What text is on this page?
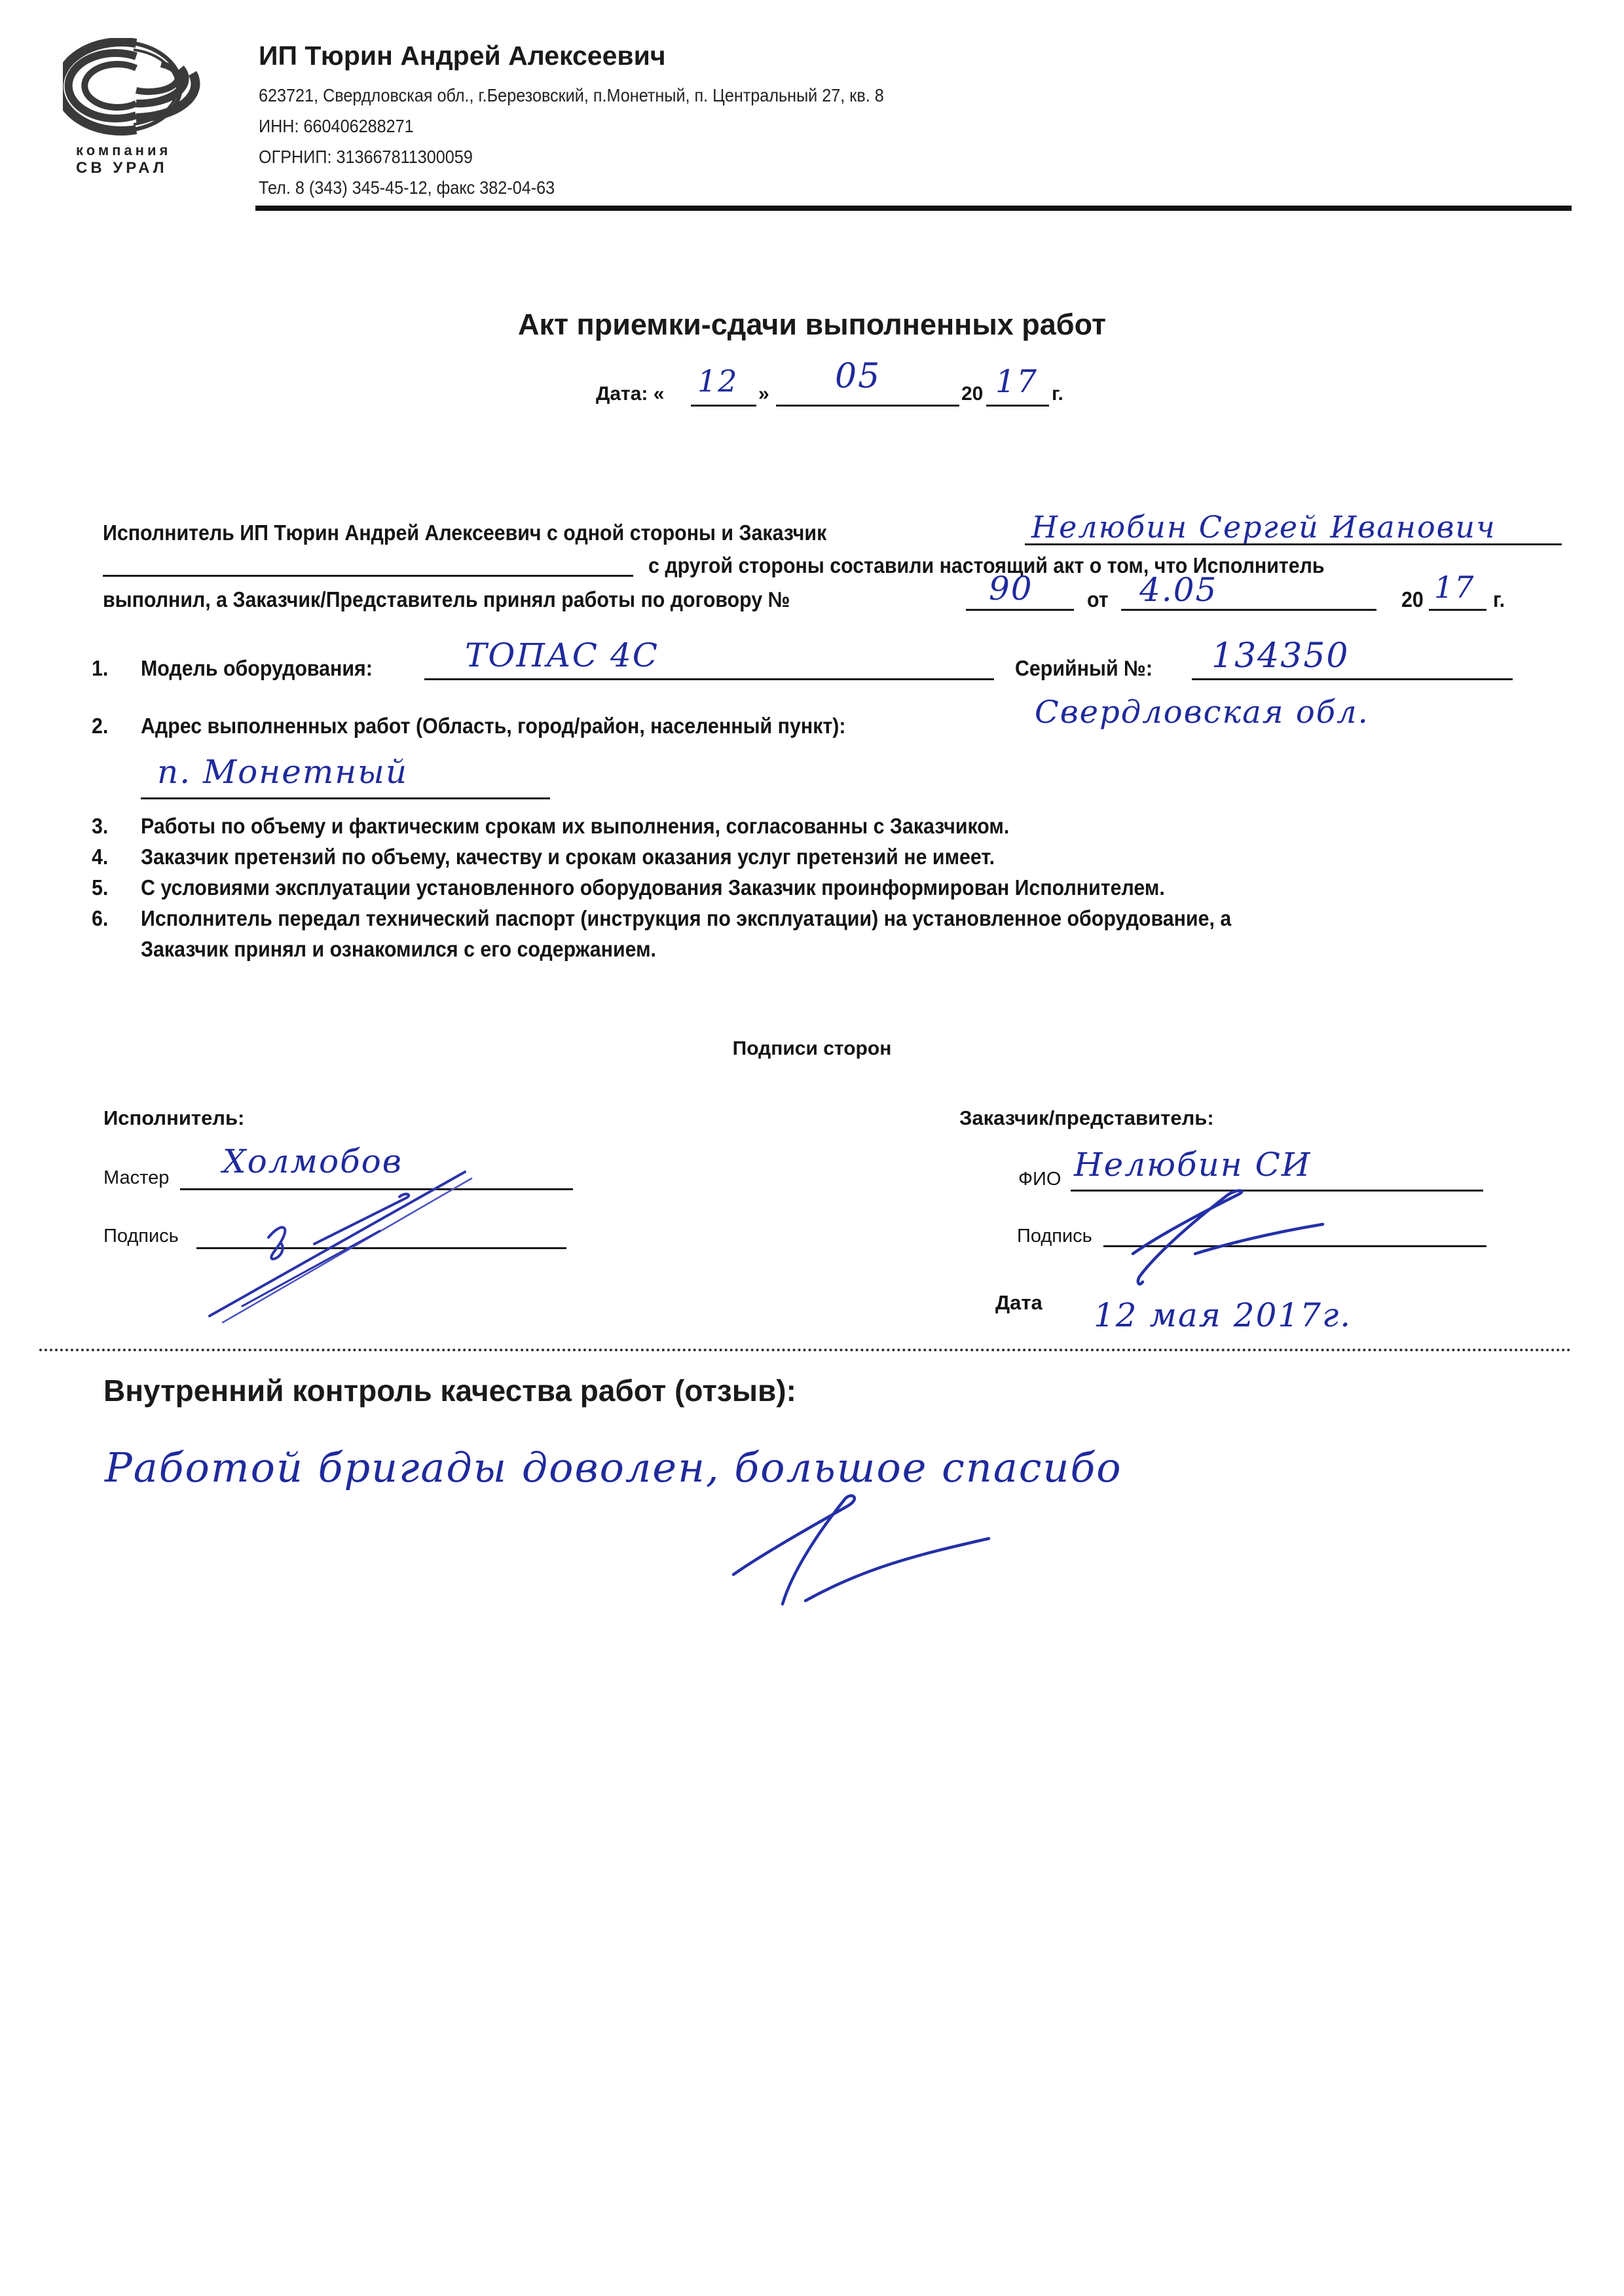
компания
СВ УРАЛ
ИП Тюрин Андрей Алексеевич
623721, Свердловская обл., г.Березовский, п.Монетный, п. Центральный 27, кв. 8
ИНН: 660406288271
ОГРНИП: 313667811300059
Тел. 8 (343) 345-45-12, факс 382-04-63
Акт приемки-сдачи выполненных работ
Дата: « 12 » 05	20 17 г.
Исполнитель ИП Тюрин Андрей Алексеевич с одной стороны и Заказчик	Нелюбин Сергей Иванович
с другой стороны составили настоящий акт о том, что Исполнитель
выполнил, а Заказчик/Представитель принял работы по договору №	90 от 4.05	20 17 г.
1. Модель оборудования:	ТОПАС 4С	Серийный №: 134350
2. Адрес выполненных работ (Область, город/район, населенный пункт):	Свердловская обл.
п. Монетный
3. Работы по объему и фактическим срокам их выполнения, согласованны с Заказчиком.
4. Заказчик претензий по объему, качеству и срокам оказания услуг претензий не имеет.
5. С условиями эксплуатации установленного оборудования Заказчик проинформирован Исполнителем.
6. Исполнитель передал технический паспорт (инструкция по эксплуатации) на установленное оборудование, а
Заказчик принял и ознакомился с его содержанием.
Подписи сторон
Исполнитель:
Мастер Холмобов
Подпись
Заказчик/представитель:
ФИО Нелюбин СИ
Подпись
Дата 12 мая 2017г.
Внутренний контроль качества работ (отзыв):
Работой бригады доволен, большое спасибо
